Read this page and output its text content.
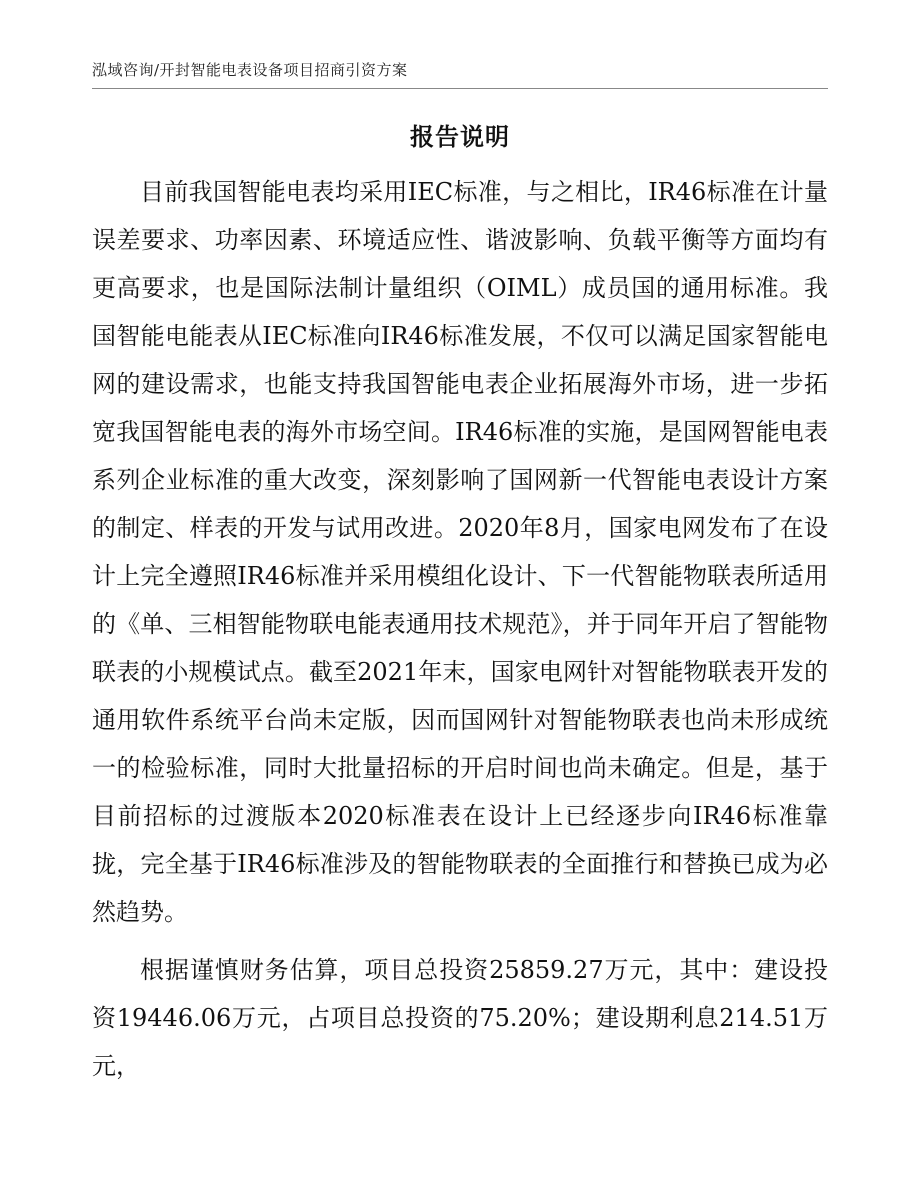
泓域咨询/开封智能电表设备项目招商引资方案
报告说明

目前我国智能电表均采用IEC标准，与之相比，IR46标准在计量误差要求、功率因素、环境适应性、谐波影响、负载平衡等方面均有更高要求，也是国际法制计量组织（OIML）成员国的通用标准。我国智能电能表从IEC标准向IR46标准发展，不仅可以满足国家智能电网的建设需求，也能支持我国智能电表企业拓展海外市场，进一步拓宽我国智能电表的海外市场空间。IR46标准的实施，是国网智能电表系列企业标准的重大改变，深刻影响了国网新一代智能电表设计方案的制定、样表的开发与试用改进。2020年8月，国家电网发布了在设计上完全遵照IR46标准并采用模组化设计、下一代智能物联表所适用的《单、三相智能物联电能表通用技术规范》，并于同年开启了智能物联表的小规模试点。截至2021年末，国家电网针对智能物联表开发的通用软件系统平台尚未定版，因而国网针对智能物联表也尚未形成统一的检验标准，同时大批量招标的开启时间也尚未确定。但是，基于目前招标的过渡版本2020标准表在设计上已经逐步向IR46标准靠拢，完全基于IR46标准涉及的智能物联表的全面推行和替换已成为必然趋势。

根据谨慎财务估算，项目总投资25859.27万元，其中：建设投资19446.06万元，占项目总投资的75.20%；建设期利息214.51万元，
